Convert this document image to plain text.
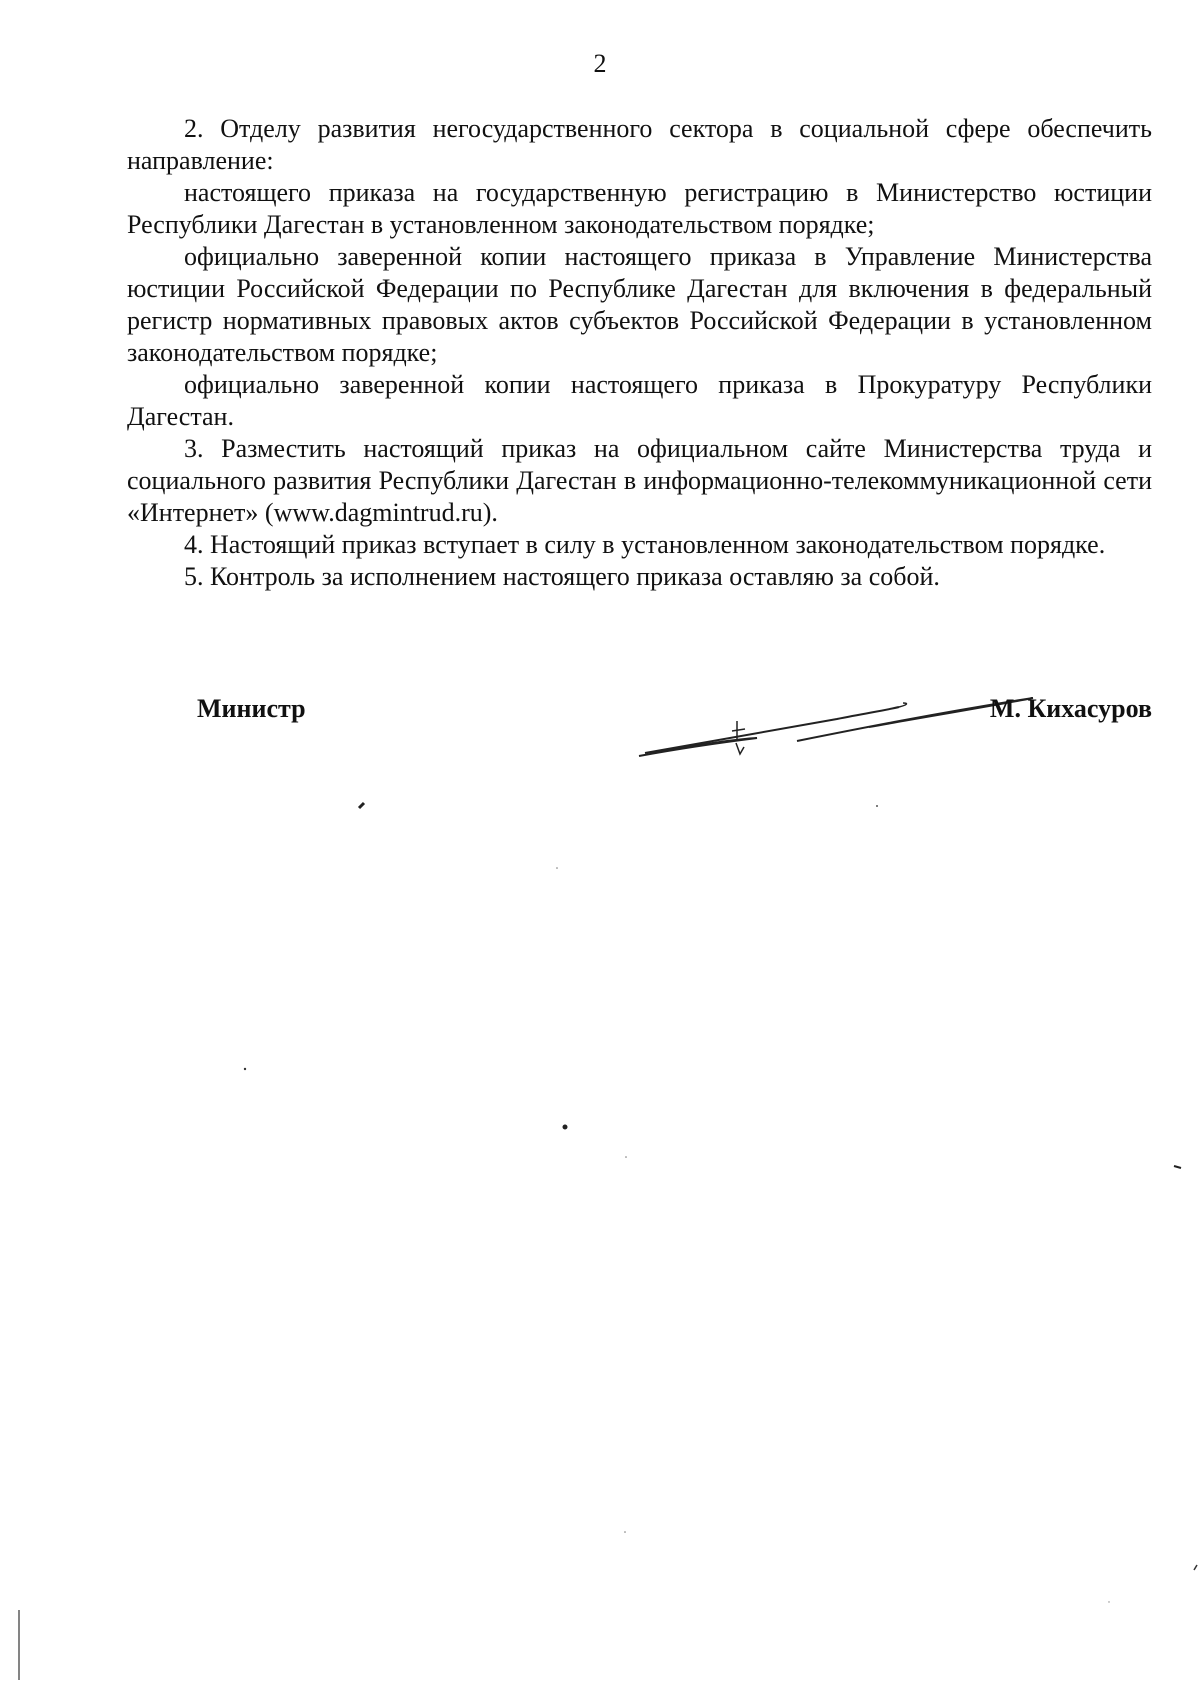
2

2. Отделу развития негосударственного сектора в социальной сфере обеспечить направление:

настоящего приказа на государственную регистрацию в Министерство юстиции Республики Дагестан в установленном законодательством порядке;

официально заверенной копии настоящего приказа в Управление Министерства юстиции Российской Федерации по Республике Дагестан для включения в федеральный регистр нормативных правовых актов субъектов Российской Федерации в установленном законодательством порядке;

официально заверенной копии настоящего приказа в Прокуратуру Республики Дагестан.

3. Разместить настоящий приказ на официальном сайте Министерства труда и социального развития Республики Дагестан в информационно-телекоммуникационной сети «Интернет» (www.dagmintrud.ru).

4. Настоящий приказ вступает в силу в установленном законодательством порядке.

5. Контроль за исполнением настоящего приказа оставляю за собой.

Министр	М. Кихасуров
